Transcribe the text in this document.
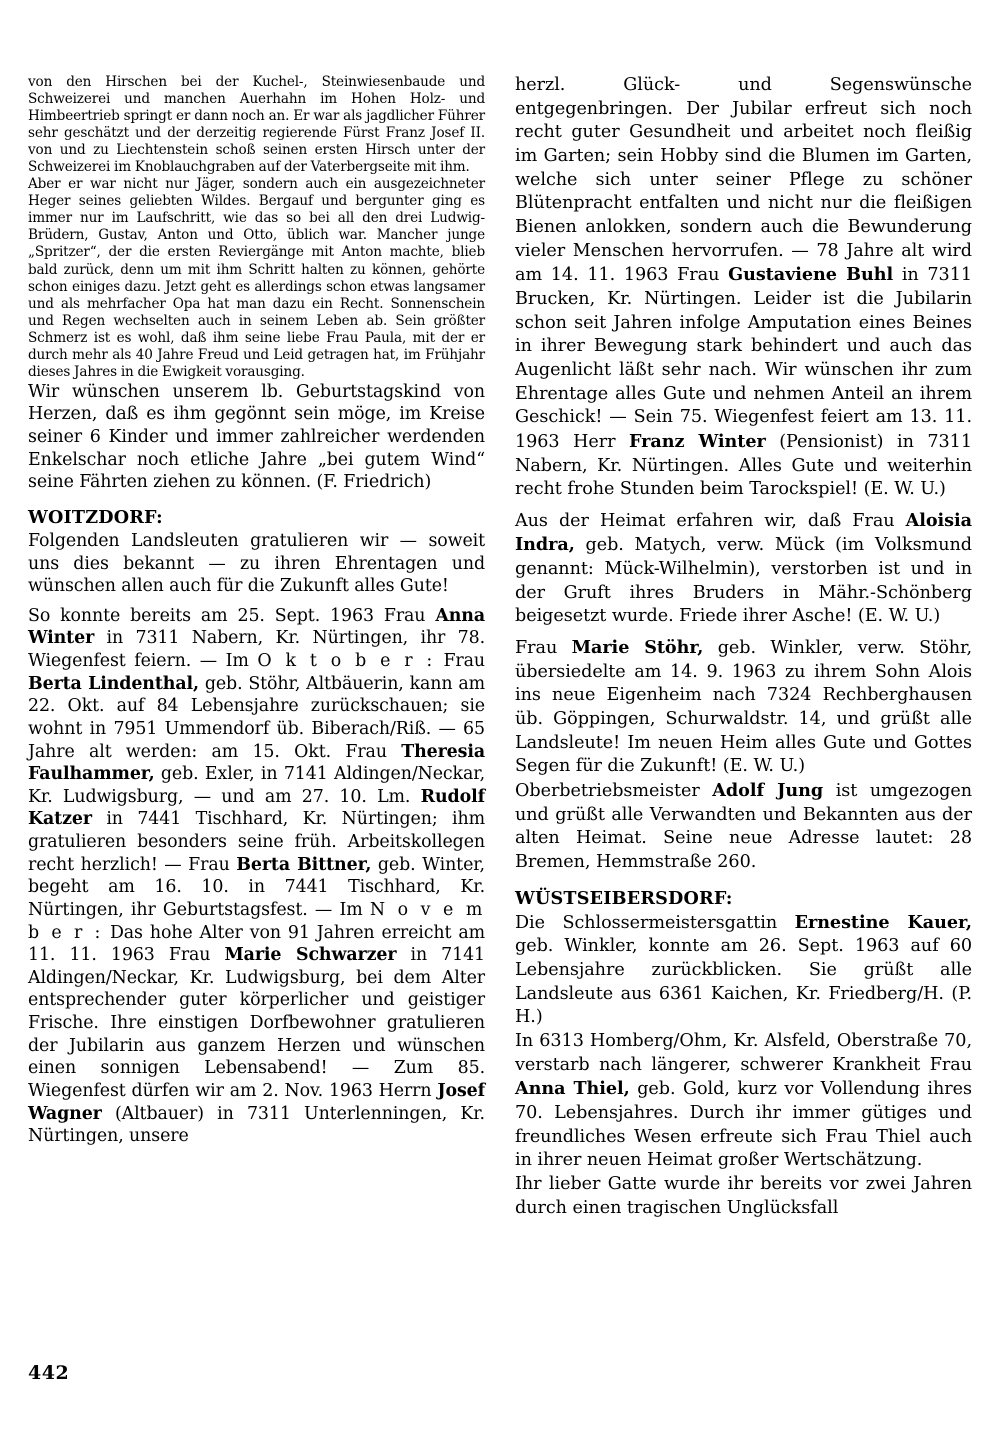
von den Hirschen bei der Kuchel-, Steinwiesenbaude und Schweizerei und manchen Auerhahn im Hohen Holz- und Himbeertrieb springt er dann noch an. Er war als jagdlicher Führer sehr geschätzt und der derzeitig regierende Fürst Franz Josef II. von und zu Liechtenstein schoß seinen ersten Hirsch unter der Schweizerei im Knoblauchgraben auf der Vaterbergseite mit ihm.

Aber er war nicht nur Jäger, sondern auch ein ausgezeichneter Heger seines geliebten Wildes. Bergauf und bergunter ging es immer nur im Laufschritt, wie das so bei all den drei Ludwig-Brüdern, Gustav, Anton und Otto, üblich war. Mancher junge „Spritzer“, der die ersten Reviergänge mit Anton machte, blieb bald zurück, denn um mit ihm Schritt halten zu können, gehörte schon einiges dazu. Jetzt geht es allerdings schon etwas langsamer und als mehrfacher Opa hat man dazu ein Recht. Sonnenschein und Regen wechselten auch in seinem Leben ab. Sein größter Schmerz ist es wohl, daß ihm seine liebe Frau Paula, mit der er durch mehr als 40 Jahre Freud und Leid getragen hat, im Frühjahr dieses Jahres in die Ewigkeit vorausging.

Wir wünschen unserem lb. Geburtstagskind von Herzen, daß es ihm gegönnt sein möge, im Kreise seiner 6 Kinder und immer zahlreicher werdenden Enkelschar noch etliche Jahre „bei gutem Wind“ seine Fährten ziehen zu können. (F. Friedrich)

WOITZDORF:

Folgenden Landsleuten gratulieren wir — soweit uns dies bekannt — zu ihren Ehrentagen und wünschen allen auch für die Zukunft alles Gute!

So konnte bereits am 25. Sept. 1963 Frau Anna Winter in 7311 Nabern, Kr. Nürtingen, ihr 78. Wiegenfest feiern. — Im O k t o b e r : Frau Berta Lindenthal, geb. Stöhr, Altbäuerin, kann am 22. Okt. auf 84 Lebensjahre zurückschauen; sie wohnt in 7951 Ummendorf üb. Biberach/Riß. — 65 Jahre alt werden: am 15. Okt. Frau Theresia Faulhammer, geb. Exler, in 7141 Aldingen/Neckar, Kr. Ludwigsburg, — und am 27. 10. Lm. Rudolf Katzer in 7441 Tischhard, Kr. Nürtingen; ihm gratulieren besonders seine früh. Arbeitskollegen recht herzlich! — Frau Berta Bittner, geb. Winter, begeht am 16. 10. in 7441 Tischhard, Kr. Nürtingen, ihr Geburtstagsfest. — Im N o v e m b e r : Das hohe Alter von 91 Jahren erreicht am 11. 11. 1963 Frau Marie Schwarzer in 7141 Aldingen/Neckar, Kr. Ludwigsburg, bei dem Alter entsprechender guter körperlicher und geistiger Frische. Ihre einstigen Dorfbewohner gratulieren der Jubilarin aus ganzem Herzen und wünschen einen sonnigen Lebensabend! — Zum 85. Wiegenfest dürfen wir am 2. Nov. 1963 Herrn Josef Wagner (Altbauer) in 7311 Unterlenningen, Kr. Nürtingen, unsere

herzl. Glück- und Segenswünsche entgegenbringen. Der Jubilar erfreut sich noch recht guter Gesundheit und arbeitet noch fleißig im Garten; sein Hobby sind die Blumen im Garten, welche sich unter seiner Pflege zu schöner Blütenpracht entfalten und nicht nur die fleißigen Bienen anlokken, sondern auch die Bewunderung vieler Menschen hervorrufen. — 78 Jahre alt wird am 14. 11. 1963 Frau Gustaviene Buhl in 7311 Brucken, Kr. Nürtingen. Leider ist die Jubilarin schon seit Jahren infolge Amputation eines Beines in ihrer Bewegung stark behindert und auch das Augenlicht läßt sehr nach. Wir wünschen ihr zum Ehrentage alles Gute und nehmen Anteil an ihrem Geschick! — Sein 75. Wiegenfest feiert am 13. 11. 1963 Herr Franz Winter (Pensionist) in 7311 Nabern, Kr. Nürtingen. Alles Gute und weiterhin recht frohe Stunden beim Tarockspiel! (E. W. U.)

Aus der Heimat erfahren wir, daß Frau Aloisia Indra, geb. Matych, verw. Mück (im Volksmund genannt: Mück-Wilhelmin), verstorben ist und in der Gruft ihres Bruders in Mähr.-Schönberg beigesetzt wurde. Friede ihrer Asche! (E. W. U.)

Frau Marie Stöhr, geb. Winkler, verw. Stöhr, übersiedelte am 14. 9. 1963 zu ihrem Sohn Alois ins neue Eigenheim nach 7324 Rechberghausen üb. Göppingen, Schurwaldstr. 14, und grüßt alle Landsleute! Im neuen Heim alles Gute und Gottes Segen für die Zukunft! (E. W. U.)

Oberbetriebsmeister Adolf Jung ist umgezogen und grüßt alle Verwandten und Bekannten aus der alten Heimat. Seine neue Adresse lautet: 28 Bremen, Hemmstraße 260.

WÜSTSEIBERSDORF:

Die Schlossermeistersgattin Ernestine Kauer, geb. Winkler, konnte am 26. Sept. 1963 auf 60 Lebensjahre zurückblicken. Sie grüßt alle Landsleute aus 6361 Kaichen, Kr. Friedberg/H. (P. H.)

In 6313 Homberg/Ohm, Kr. Alsfeld, Oberstraße 70, verstarb nach längerer, schwerer Krankheit Frau Anna Thiel, geb. Gold, kurz vor Vollendung ihres 70. Lebensjahres. Durch ihr immer gütiges und freundliches Wesen erfreute sich Frau Thiel auch in ihrer neuen Heimat großer Wertschätzung.

Ihr lieber Gatte wurde ihr bereits vor zwei Jahren durch einen tragischen Unglücksfall

442
